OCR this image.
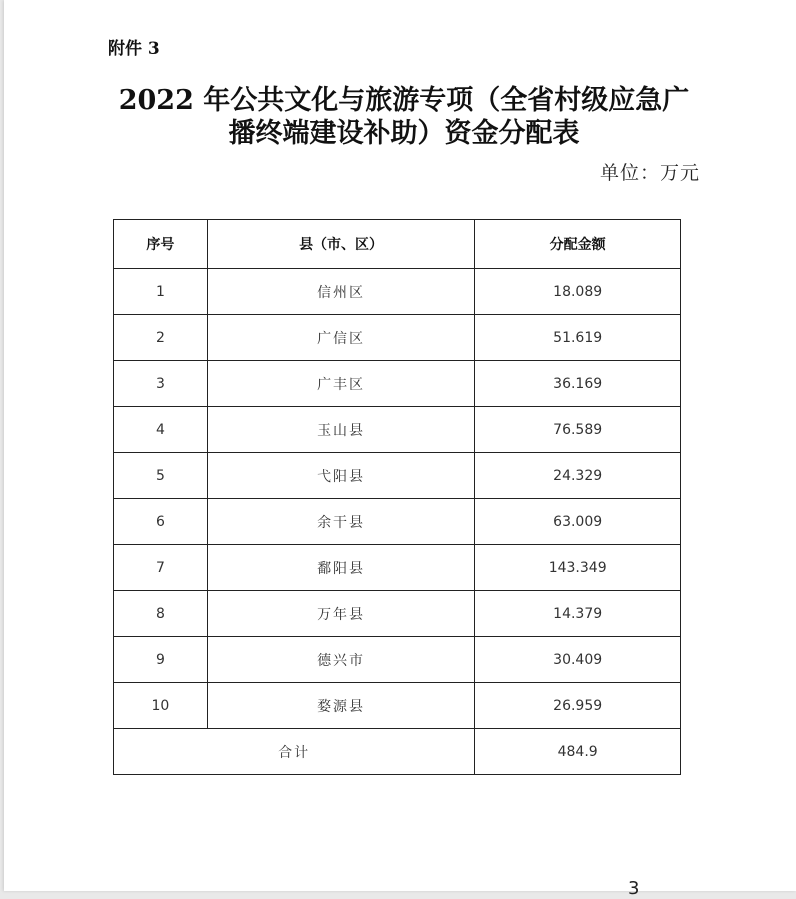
附件 3
2022 年公共文化与旅游专项（全省村级应急广
播终端建设补助）资金分配表
单位：万元
序号	县（市、区）	分配金额
1	信州区	18.089
2	广信区	51.619
3	广丰区	36.169
4	玉山县	76.589
5	弋阳县	24.329
6	余干县	63.009
7	鄱阳县	143.349
8	万年县	14.379
9	德兴市	30.409
10	婺源县	26.959
合计		484.9
3
